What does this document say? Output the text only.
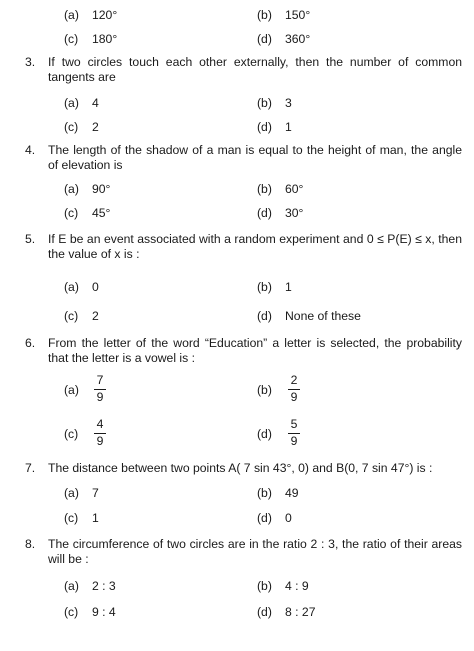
(a) 120°	(b) 150°
(c) 180°	(d) 360°
3. If two circles touch each other externally, then the number of common tangents are
(a) 4	(b) 3
(c) 2	(d) 1
4. The length of the shadow of a man is equal to the height of man, the angle of elevation is
(a) 90°	(b) 60°
(c) 45°	(d) 30°
5. If E be an event associated with a random experiment and 0 ≤ P(E) ≤ x, then the value of x is :
(a) 0	(b) 1
(c) 2	(d) None of these
6. From the letter of the word “Education” a letter is selected, the probability that the letter is a vowel is :
(a)
7
9	(b)
2
9
(c)
4
9	(d)
5
9
7. The distance between two points A( 7 sin 43°, 0) and B(0, 7 sin 47°) is :
(a) 7	(b) 49
(c) 1	(d) 0
8. The circumference of two circles are in the ratio 2 : 3, the ratio of their areas will be :
(a) 2 : 3	(b) 4 : 9
(c) 9 : 4	(d) 8 : 27
